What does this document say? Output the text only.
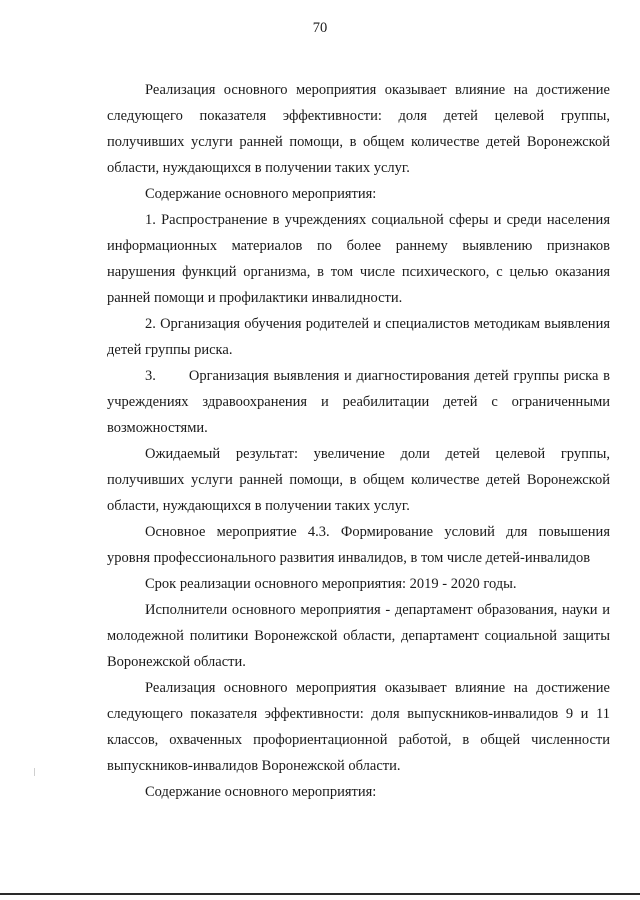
70

Реализация основного мероприятия оказывает влияние на достижение следующего показателя эффективности: доля детей целевой группы, получивших услуги ранней помощи, в общем количестве детей Воронежской области, нуждающихся в получении таких услуг.

Содержание основного мероприятия:

1. Распространение в учреждениях социальной сферы и среди населения информационных материалов по более раннему выявлению признаков нарушения функций организма, в том числе психического, с целью оказания ранней помощи и профилактики инвалидности.

2. Организация обучения родителей и специалистов методикам выявления детей группы риска.

3.       Организация выявления и диагностирования детей группы риска в учреждениях здравоохранения и реабилитации детей с ограниченными возможностями.

Ожидаемый результат: увеличение доли детей целевой группы, получивших услуги ранней помощи, в общем количестве детей Воронежской области, нуждающихся в получении таких услуг.

Основное мероприятие 4.3. Формирование условий для повышения уровня профессионального развития инвалидов, в том числе детей-инвалидов

Срок реализации основного мероприятия: 2019 - 2020 годы.

Исполнители основного мероприятия - департамент образования, науки и молодежной политики Воронежской области, департамент социальной защиты Воронежской области.

Реализация основного мероприятия оказывает влияние на достижение следующего показателя эффективности: доля выпускников-инвалидов 9 и 11 классов, охваченных профориентационной работой, в общей численности выпускников-инвалидов Воронежской области.

Содержание основного мероприятия:
